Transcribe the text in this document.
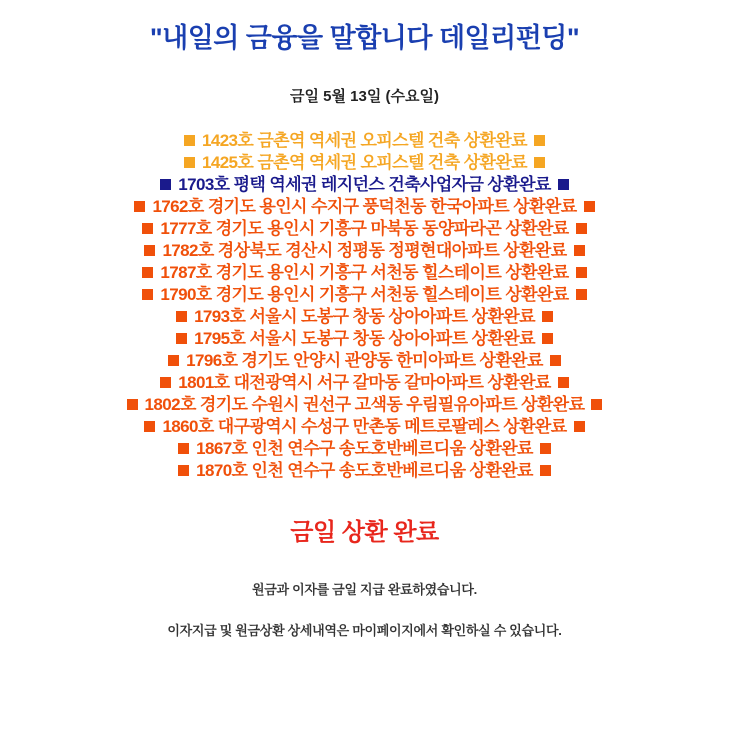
"내일의 금융을 말합니다 데일리펀딩"
금일 5월 13일 (수요일)
1423호 금촌역 역세권 오피스텔 건축 상환완료
1425호 금촌역 역세권 오피스텔 건축 상환완료
1703호 평택 역세권 레지던스 건축사업자금 상환완료
1762호 경기도 용인시 수지구 풍덕천동 한국아파트 상환완료
1777호 경기도 용인시 기흥구 마북동 동양파라곤 상환완료
1782호 경상북도 경산시 정평동 정평현대아파트 상환완료
1787호 경기도 용인시 기흥구 서천동 힐스테이트 상환완료
1790호 경기도 용인시 기흥구 서천동 힐스테이트 상환완료
1793호 서울시 도봉구 창동 상아아파트 상환완료
1795호 서울시 도봉구 창동 상아아파트 상환완료
1796호 경기도 안양시 관양동 한미아파트 상환완료
1801호 대전광역시 서구 갈마동 갈마아파트 상환완료
1802호 경기도 수원시 권선구 고색동 우림필유아파트 상환완료
1860호 대구광역시 수성구 만촌동 메트로팔레스 상환완료
1867호 인천 연수구 송도호반베르디움 상환완료
1870호 인천 연수구 송도호반베르디움 상환완료
금일 상환 완료
원금과 이자를 금일 지급 완료하였습니다.
이자지급 및 원금상환 상세내역은 마이페이지에서 확인하실 수 있습니다.
